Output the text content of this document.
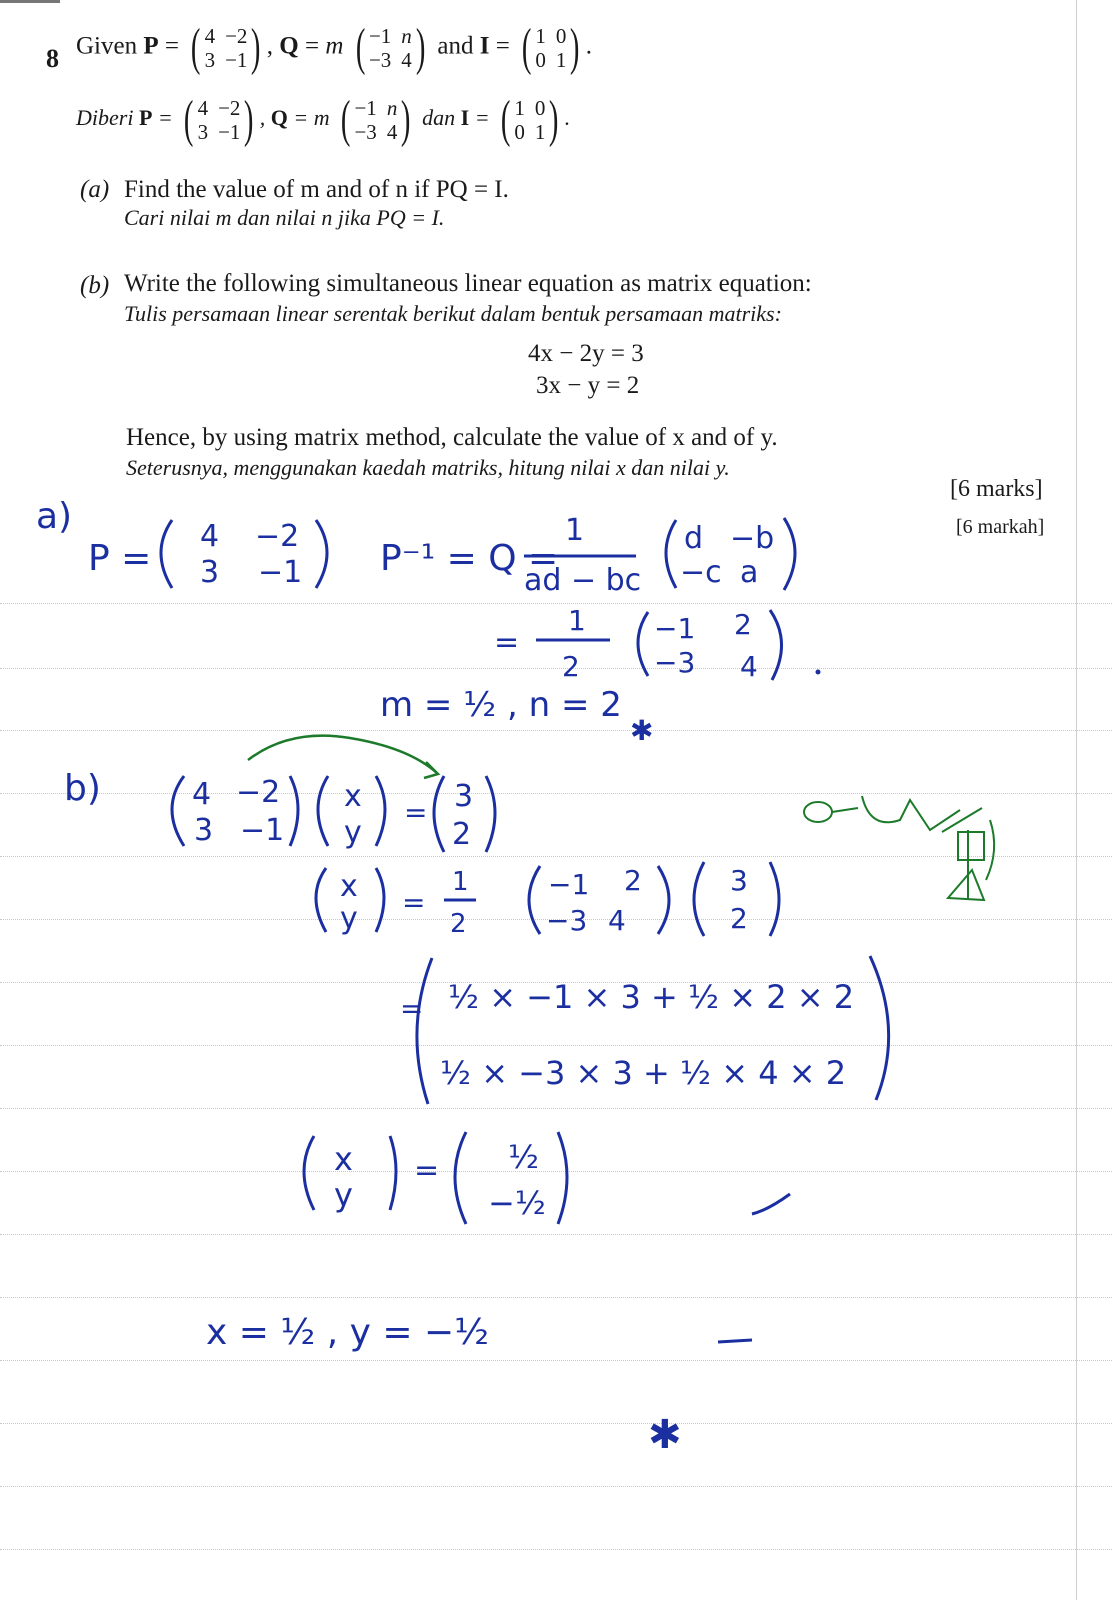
8 Given P = ( 4 −2
3 −1 ) , Q = m ( −1 n
−3 4 ) and I = ( 1 0
0 1 ) .
Diberi P = ( 4 −2
3 −1 ) , Q = m ( −1 n
−3 4 ) dan I = ( 1 0
0 1 ) .
(a) Find the value of m and of n if PQ = I.
Cari nilai m dan nilai n jika PQ = I.
(b) Write the following simultaneous linear equation as matrix equation:
Tulis persamaan linear serentak berikut dalam bentuk persamaan matriks:
4x − 2y = 3
3x − y = 2
Hence, by using matrix method, calculate the value of x and of y.
Seterusnya, menggunakan kaedah matriks, hitung nilai x dan nilai y.
[6 marks]
[6 markah]
a)
P =
4 −2
3 −1 P⁻¹ = Q =
1
ad − bc
d −b
−c a
=
1
2
−1 2
−3 4
m = ½ , n = 2
✱
b)	4 −2
3 −1
x
y
= 3
2
x
y =
1
2
−1 2
−3 4
3
2
= ½ × −1 × 3 + ½ × 2 × 2
½ × −3 × 3 + ½ × 4 × 2
x
y
= ½
−½
x = ½ , y = −½
✱
